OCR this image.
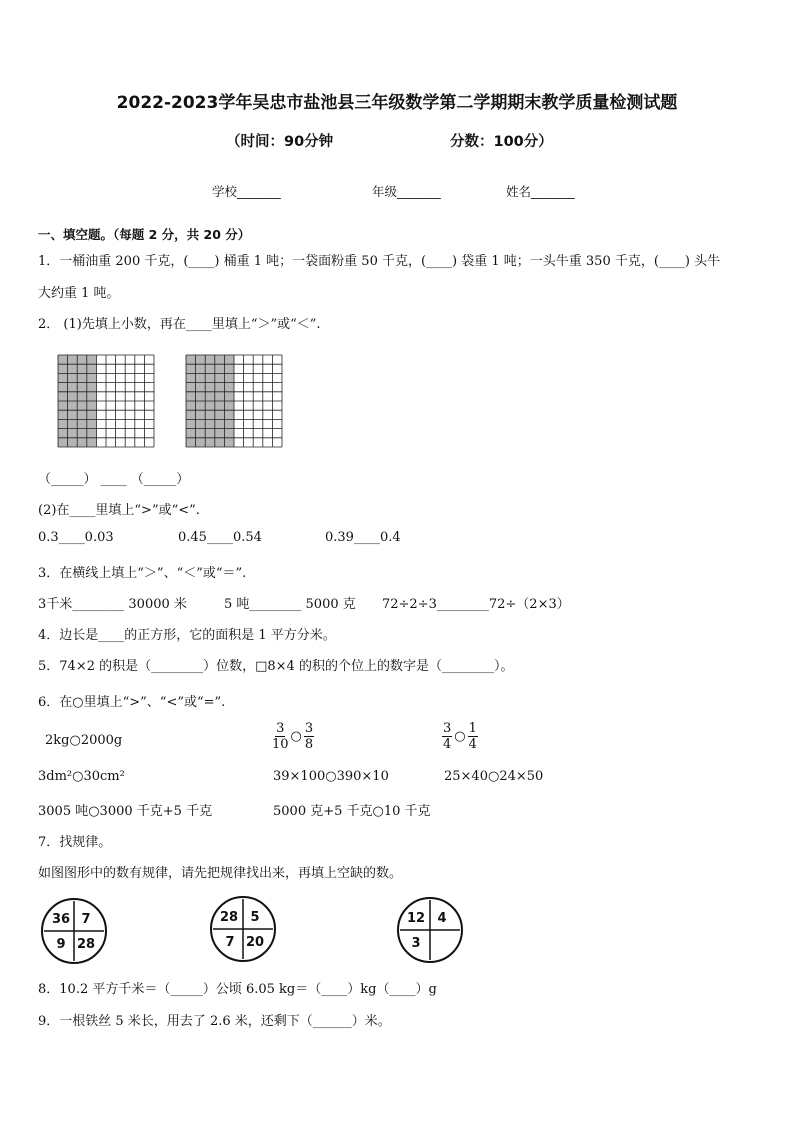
2022-2023学年吴忠市盐池县三年级数学第二学期期末教学质量检测试题
（时间：90分钟	分数：100分）
学校_______	年级_______	姓名_______
一、填空题。（每题 2 分，共 20 分）
1．一桶油重 200 千克，(____) 桶重 1 吨；一袋面粉重 50 千克，(____) 袋重 1 吨；一头牛重 350 千克，(____) 头牛
大约重 1 吨。
2． (1)先填上小数，再在____里填上“＞”或“＜”.
（_____） ____ （_____）
(2)在____里填上“>”或“<”.
0.3____0.03	0.45____0.54	0.39____0.4
3．在横线上填上“＞”、“＜”或“＝”.
3千米________ 30000 米	5 吨________ 5000 克 72÷2÷3________72÷（2×3）
4．边长是____的正方形，它的面积是 1 平方分米。
5．74×2 的积是（________）位数，□8×4 的积的个位上的数字是（________）。
6．在○里填上“>”、“<”或“=”.
2kg○2000g	$\frac{3}{10}$ ○ $\frac{3}{8}$	$\frac{3}{4}$ ○ $\frac{1}{4}$
3dm²○30cm²	39×100○390×10	25×40○24×50
3005 吨○3000 千克+5 千克	5000 克+5 千克○10 千克
7．找规律。
如图图形中的数有规律，请先把规律找出来，再填上空缺的数。
36 7
9 28
28 5
7 20
12 4
3
8．10.2 平方千米＝（_____）公顷 6.05 kg＝（____）kg（____）g
9．一根铁丝 5 米长，用去了 2.6 米，还剩下（______）米。
